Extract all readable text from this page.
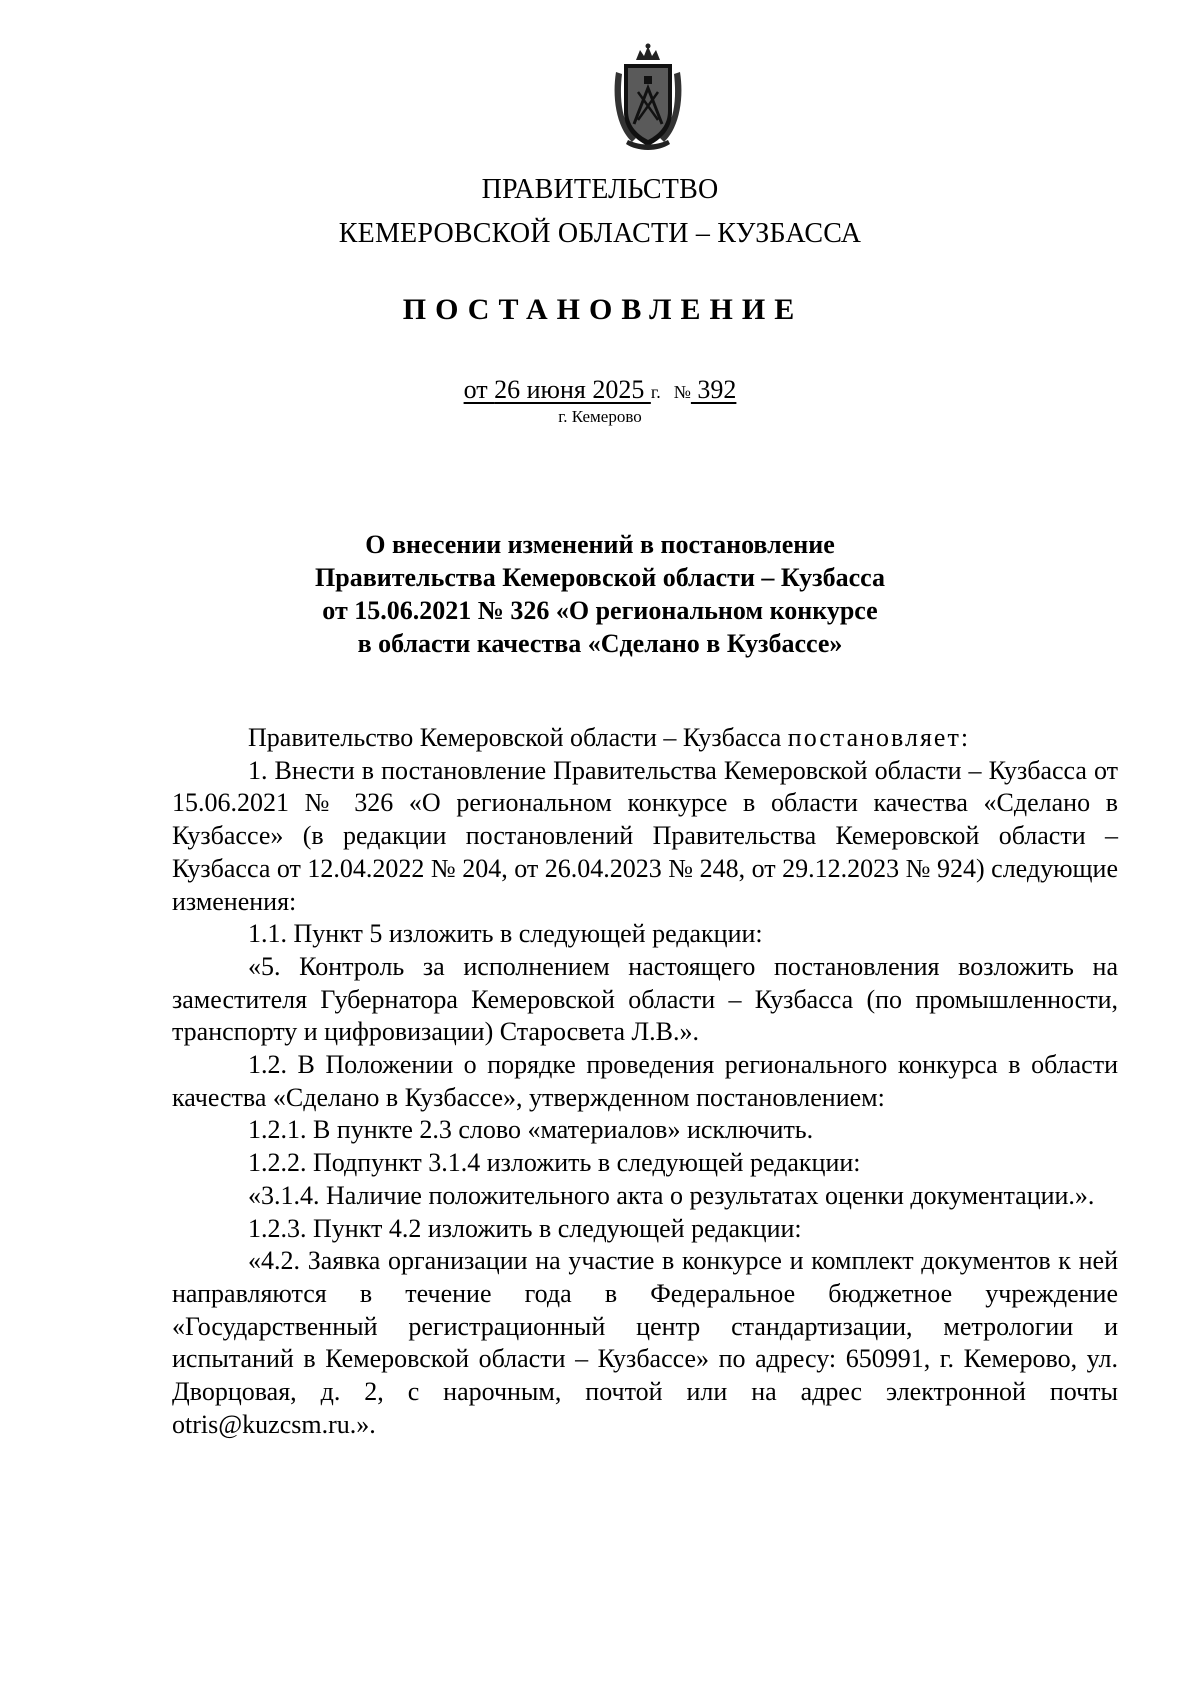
ПРАВИТЕЛЬСТВО
КЕМЕРОВСКОЙ ОБЛАСТИ – КУЗБАССА
ПОСТАНОВЛЕНИЕ
от 26 июня 2025 г. № 392
г. Кемерово
О внесении изменений в постановление
Правительства Кемеровской области – Кузбасса
от 15.06.2021 № 326 «О региональном конкурсе
в области качества «Сделано в Кузбассе»

Правительство Кемеровской области – Кузбасса постановляет:

1. Внести в постановление Правительства Кемеровской области – Кузбасса от 15.06.2021 № 326 «О региональном конкурсе в области качества «Сделано в Кузбассе» (в редакции постановлений Правительства Кемеровской области – Кузбасса от 12.04.2022 № 204, от 26.04.2023 № 248, от 29.12.2023 № 924) следующие изменения:

1.1. Пункт 5 изложить в следующей редакции:

«5. Контроль за исполнением настоящего постановления возложить на заместителя Губернатора Кемеровской области – Кузбасса (по промышленности, транспорту и цифровизации) Старосвета Л.В.».

1.2. В Положении о порядке проведения регионального конкурса в области качества «Сделано в Кузбассе», утвержденном постановлением:

1.2.1. В пункте 2.3 слово «материалов» исключить.

1.2.2. Подпункт 3.1.4 изложить в следующей редакции:

«3.1.4. Наличие положительного акта о результатах оценки документации.».

1.2.3. Пункт 4.2 изложить в следующей редакции:

«4.2. Заявка организации на участие в конкурсе и комплект документов к ней направляются в течение года в Федеральное бюджетное учреждение «Государственный регистрационный центр стандартизации, метрологии и испытаний в Кемеровской области – Кузбассе» по адресу: 650991, г. Кемерово, ул. Дворцовая, д. 2, с нарочным, почтой или на адрес электронной почты otris@kuzcsm.ru.».
